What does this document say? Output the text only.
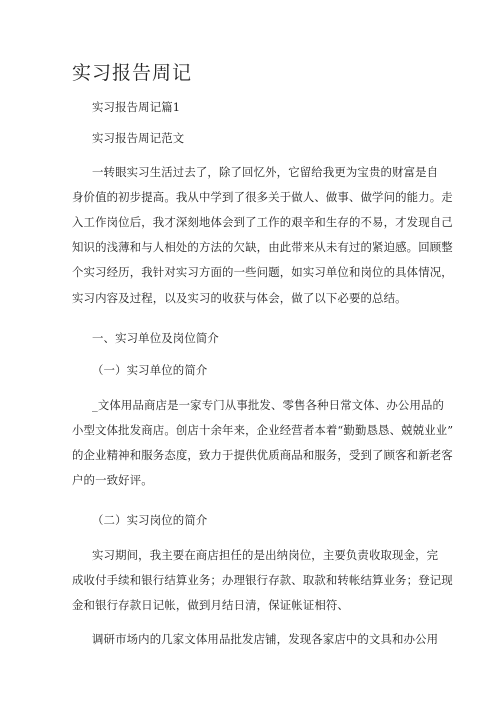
实习报告周记
实习报告周记篇1
实习报告周记范文
一转眼实习生活过去了，除了回忆外，它留给我更为宝贵的财富是自
身价值的初步提高。我从中学到了很多关于做人、做事、做学问的能力。走
入工作岗位后，我才深刻地体会到了工作的艰辛和生存的不易，才发现自己
知识的浅薄和与人相处的方法的欠缺，由此带来从未有过的紧迫感。回顾整
个实习经历，我针对实习方面的一些问题，如实习单位和岗位的具体情况，
实习内容及过程，以及实习的收获与体会，做了以下必要的总结。
一、实习单位及岗位简介
（一）实习单位的简介
_文体用品商店是一家专门从事批发、零售各种日常文体、办公用品的
小型文体批发商店。创店十余年来，企业经营者本着“勤勤恳恳、兢兢业业”
的企业精神和服务态度，致力于提供优质商品和服务，受到了顾客和新老客
户的一致好评。
（二）实习岗位的简介
实习期间，我主要在商店担任的是出纳岗位，主要负责收取现金，完
成收付手续和银行结算业务；办理银行存款、取款和转帐结算业务；登记现
金和银行存款日记帐，做到月结日清，保证帐证相符、
调研市场内的几家文体用品批发店铺，发现各家店中的文具和办公用
